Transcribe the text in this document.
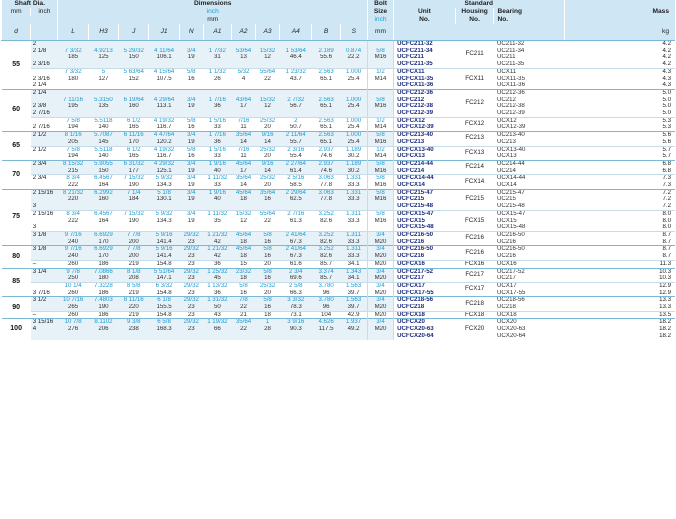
Shaft Dia.		Dimensions											Bolt	Standard			Mass
mm	inch	inch											Size	Unit	Housing	Bearing	
		mm											inch	No.	No.	No.	
d		L	H3	J	J1	N	A1	A2	A3	A4	B	S	mm				kg
55	2													UCFC211-32	FC211	UC211-32	4.2
	2 1/8	7 3/32	4.9213	5 29/32	4 11/64	3/4	1 7/32	53/64	15/32	1 53/64	2.189	0.874	5/8	UCFC211-34		UC211-34	4.2
		185	125	150	106.1	19	31	13	12	46.4	55.6	22.2	M16	UCFC211		UC211	4.2
	2 3/16													UCFC211-35		UC211-35	4.2
		7 3/32	5	5 63/64	4 15/64	5/8	1 1/32	5/32	55/64	1 23/32	2.563	1.000	1/2	UCFCX11	FCX11	UCX11	4.3
	2 3/16	180	127	152	107.5	16	26	4	22	43.7	65.1	25.4	M14	UCFCX11-35		UCX11-35	4.3
	2 1/4													UCFCX11-36		UCX11-36	4.3
60	2 1/4													UCFC212-36	FC212	UC212-36	5.0
		7 11/16	5.3150	6 19/64	4 29/64	3/4	1 7/16	43/64	15/32	2 7/32	2.563	1.000	5/8	UCFC212		UC212	5.0
	2 3/8	195	135	160	113.1	19	36	17	12	56.7	65.1	25.4	M16	UCFC212-38		UC212-38	5.0
	2 7/16													UCFC212-39		UC212-39	5.0
		7 5/8	5.5118	6 1/2	4 19/32	5/8	1 5/16	7/16	25/32	2	2.563	1.000	1/2	UCFCX12	FCX12	UCX12	5.3
	2 7/16	194	140	165	116.7	16	33	11	20	50.7	65.1	25.4	M14	UCFCX12-39		UCX12-39	5.3
65	2 1/2	8 1/16	5.7087	6 11/16	4 47/64	3/4	1 7/16	35/64	9/16	2 11/64	2.563	1.000	5/8	UCFC213-40	FC213	UC213-40	5.6
		205	145	170	120.2	19	36	14	14	55.7	65.1	25.4	M16	UCFC213		UC213	5.6
	2 1/2	7 5/8	5.5118	6 1/2	4 19/32	5/8	1 5/16	7/16	25/32	2 3/16	2.937	1.189	1/2	UCFCX13-40	FCX13	UCX13-40	5.7
		194	140	165	116.7	16	33	11	20	55.4	74.6	30.2	M14	UCFCX13		UCX13	5.7
70	2 3/4	8 15/32	5.9055	6 31/32	4 29/32	3/4	1 9/16	45/64	9/16	2 27/64	2.937	1.189	5/8	UCFC214-44	FC214	UC214-44	6.8
		215	150	177	125.1	19	40	17	14	61.4	74.6	30.2	M16	UCFC214		UC214	6.8
	2 3/4	8 3/4	6.4567	7 15/32	5 9/32	3/4	1 11/32	35/64	25/32	2 5/16	3.063	1.331	5/8	UCFCX14-44	FCX14	UCX14-44	7.3
		222	164	190	134.3	19	33	14	20	58.5	77.8	33.3	M16	UCFCX14		UCX14	7.3
75	2 15/16	8 21/32	6.2992	7 1/4	5 1/8	3/4	1 9/16	45/64	35/64	2 29/64	3.063	1.331	5/8	UCFC215-47	FC215	UC215-47	7.2
		220	160	184	130.1	19	40	18	16	62.5	77.8	33.3	M16	UCFC215		UC215	7.2
	3													UCFC215-48		UC215-48	7.2
	2 15/16	8 3/4	6.4567	7 15/32	5 9/32	3/4	1 11/32	15/32	55/64	2 7/16	3.252	1.311	5/8	UCFCX15-47	FCX15	UCX15-47	8.0
		222	164	190	134.3	19	35	12	22	61.3	82.6	33.3	M16	UCFCX15		UCX15	8.0
	3													UCFCX15-48		UCX15-48	8.0
	3 1/8	9 7/16	6.6929	7 7/8	5 9/16	29/32	1 21/32	45/64	5/8	2 41/64	3.252	1.311	3/4	UCFC216-50	FC216	UC216-50	8.7
		240	170	200	141.4	23	42	18	16	67.3	82.6	33.3	M20	UCFC216		UC216	8.7
80	3 1/8	9 7/16	6.6929	7 7/8	5 9/16	29/32	1 21/32	45/64	5/8	2 41/64	3.252	1.311	3/4	UCFC216-50	FC216	UC216-50	8.7
		240	170	200	141.4	23	42	18	16	67.3	82.6	33.3	M20	UCFC216		UC216	8.7
	–	260	186	219	154.8	23	36	15	20	61.6	85.7	34.1	M20	UCFCX16	FCX16	UCX16	11.3
85	3 1/4	9 7/8	7.0866	8 1/8	5 51/64	29/32	1 25/32	23/32	5/8	2 3/4	3.374	1.343	3/4	UCFC217-52	FC217	UC217-52	10.3
		250	180	208	147.1	23	45	18	16	69.6	85.7	34.1	M20	UCFC217		UC217	10.3
		10 1/4	7.3228	8 5/8	6 3/32	29/32	1 13/32	5/8	25/32	2 5/8	3.780	1.563	3/4	UCFCX17	FCX17	UCX17	12.9
	3 7/16	260	186	219	154.8	23	36	16	20	66.3	96	39.7	M20	UCFCX17-55		UCX17-55	12.9
90	3 1/2	10 7/16	7.4803	8 11/16	6 1/8	29/32	1 31/32	7/8	5/8	3 3/32	3.780	1.563	3/4	UCFC218-56	FC218	UC218-56	13.3
		265	190	220	155.5	23	50	22	16	78.3	96	39.7	M20	UCFC218		UC218	13.3
	–	260	186	219	154.8	23	43	21	18	73.1	104	42.9	M20	UCFCX18	FCX18	UCX18	13.5
100	3 15/16	10 7/8	8.1102	9 3/8	6 5/8	29/32	1 19/32	35/64	1	3 9/16	4.626	1.937	3/4	UCFCX20	FCX20	UCX20	18.2
	4	276	206	238	168.3	23	66	22	28	90.3	117.5	49.2	M20	UCFCX20-63		UCX20-63	18.2
														UCFCX20-64		UCX20-64	18.2
